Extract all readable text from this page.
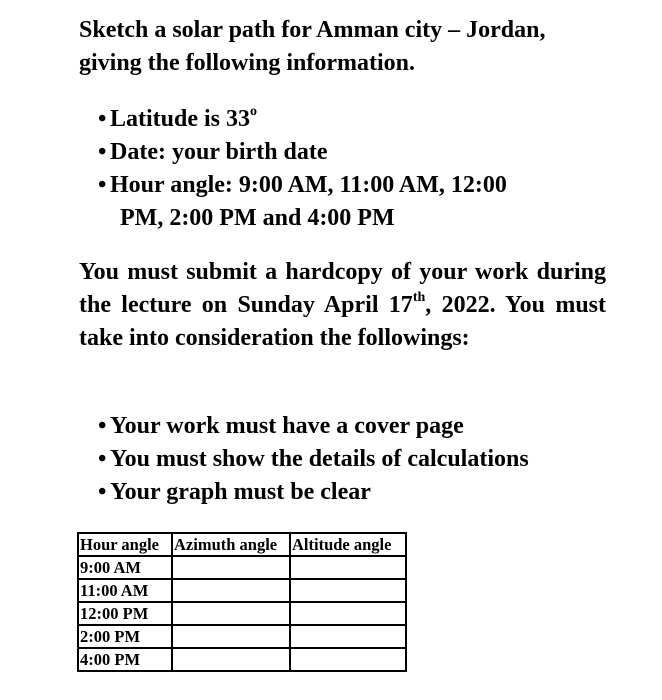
Sketch a solar path for Amman city – Jordan,
giving the following information.

• Latitude is 33$^o$
• Date: your birth date
• Hour angle: 9:00 AM, 11:00 AM, 12:00
PM, 2:00 PM and 4:00 PM

You must submit a hardcopy of your work during the lecture on Sunday April 17th, 2022. You must take into consideration the followings:

• Your work must have a cover page
• You must show the details of calculations
• Your graph must be clear
Hour angle	Azimuth angle	Altitude angle
9:00 AM		
11:00 AM		
12:00 PM		
2:00 PM		
4:00 PM		
